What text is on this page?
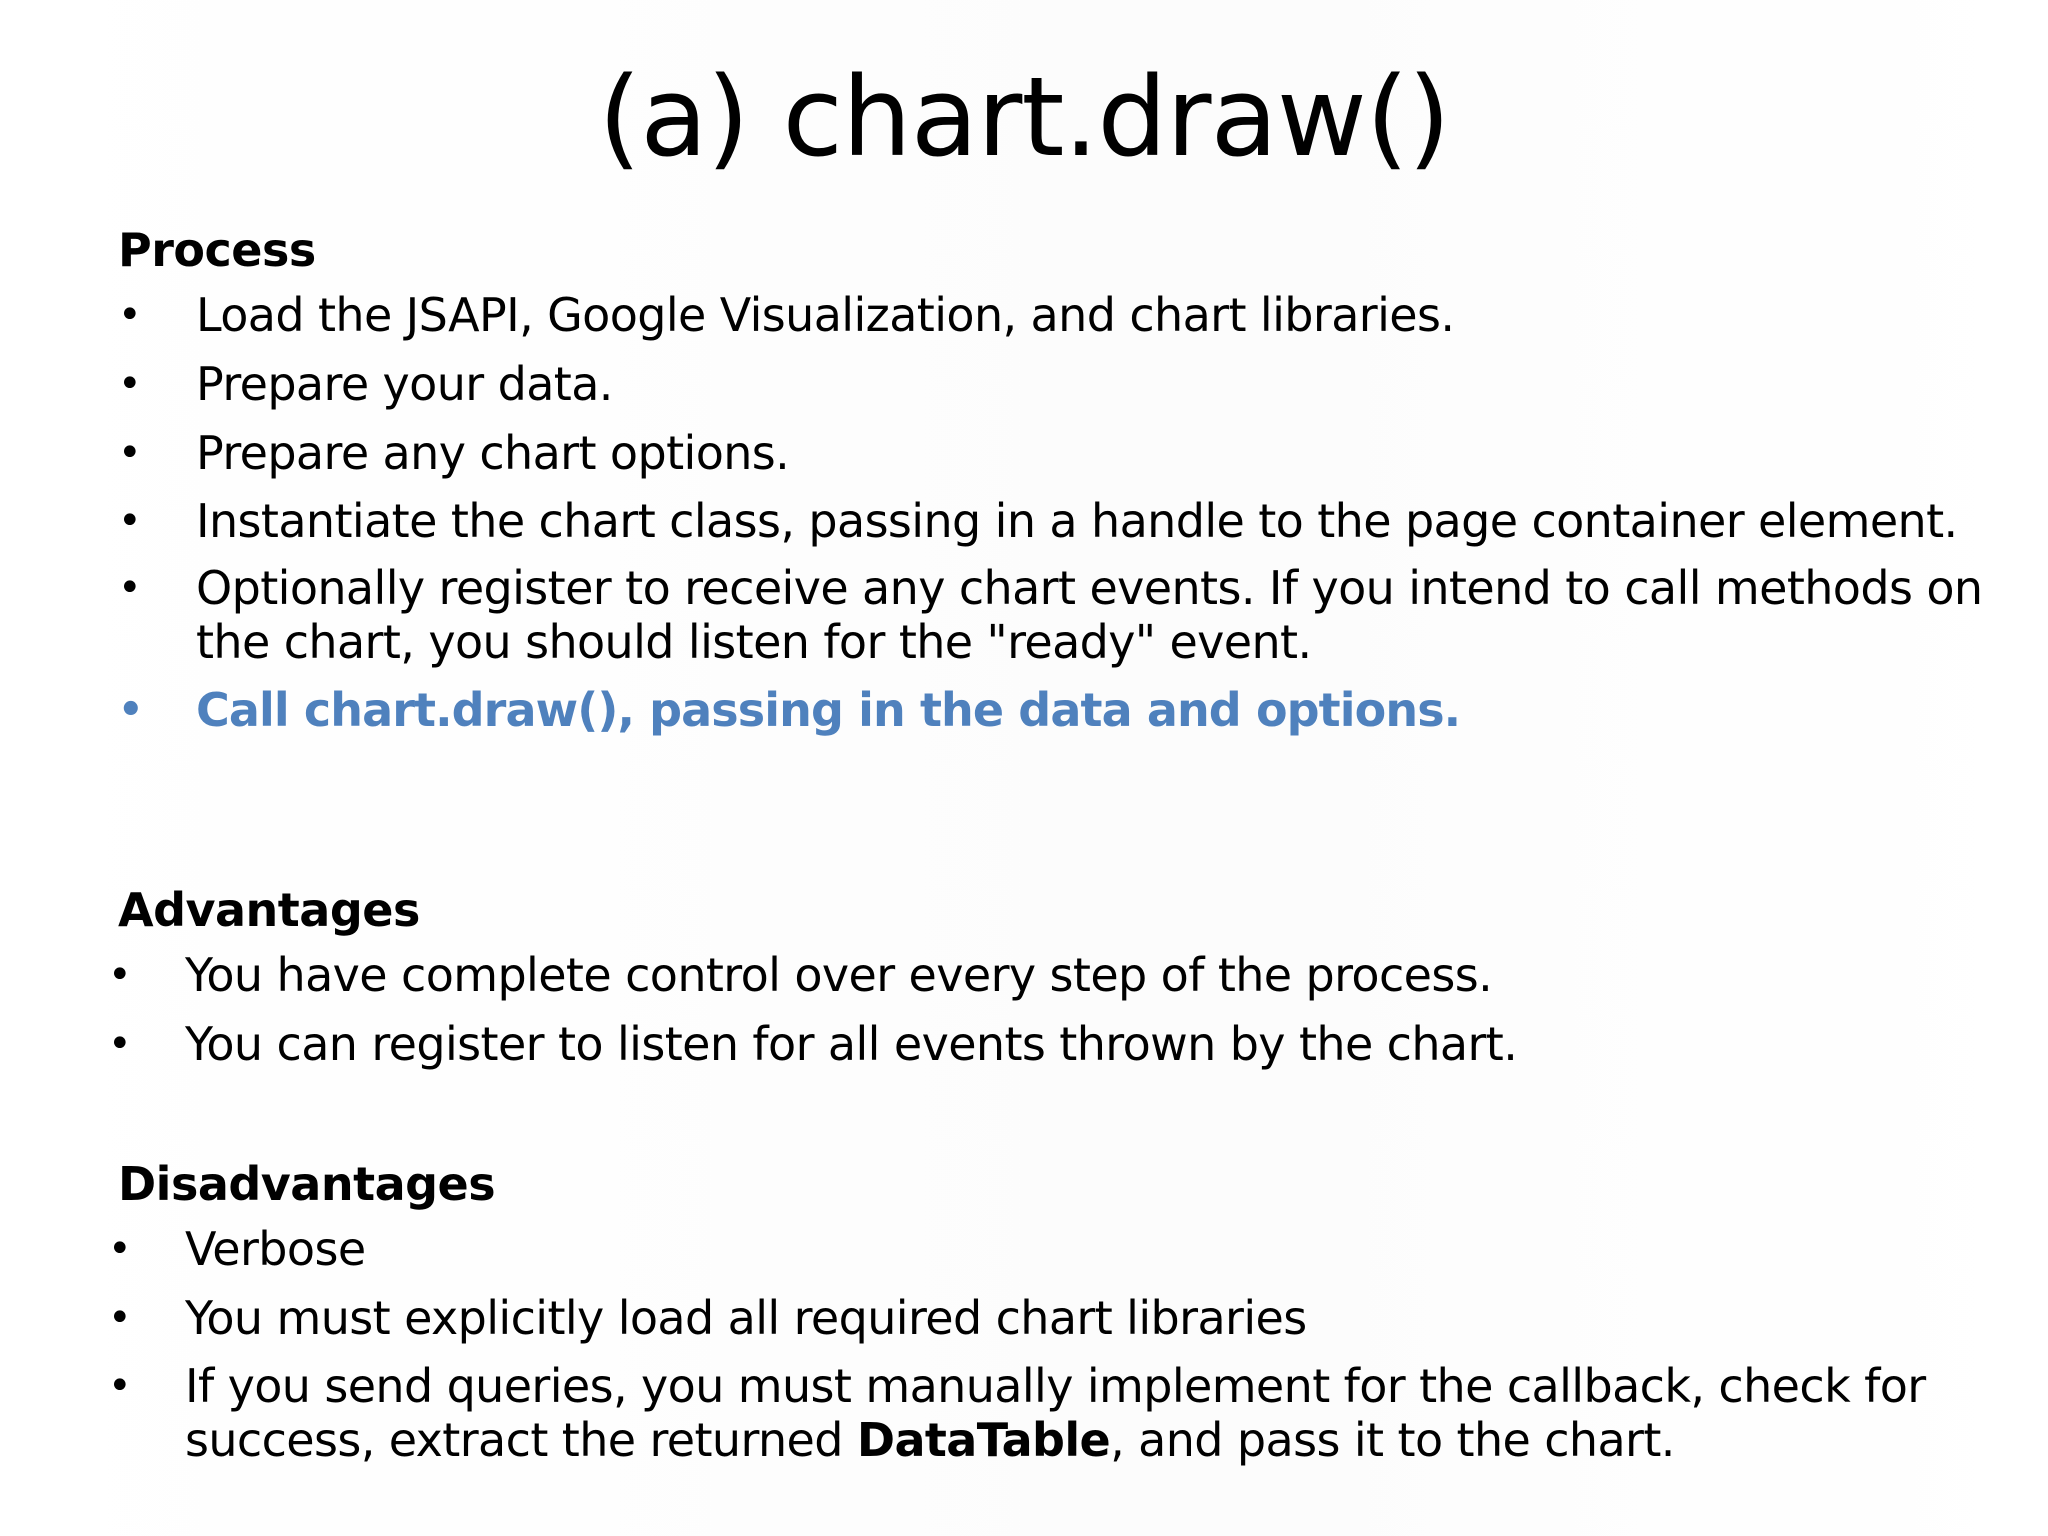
(a) chart.draw()

Process

• Load the JSAPI, Google Visualization, and chart libraries.
• Prepare your data.
• Prepare any chart options.
• Instantiate the chart class, passing in a handle to the page container element.
• Optionally register to receive any chart events. If you intend to call methods on the chart, you should listen for the "ready" event.
• Call chart.draw(), passing in the data and options.

Advantages

• You have complete control over every step of the process.
• You can register to listen for all events thrown by the chart.

Disadvantages

• Verbose
• You must explicitly load all required chart libraries
• If you send queries, you must manually implement for the callback, check for success, extract the returned DataTable, and pass it to the chart.
